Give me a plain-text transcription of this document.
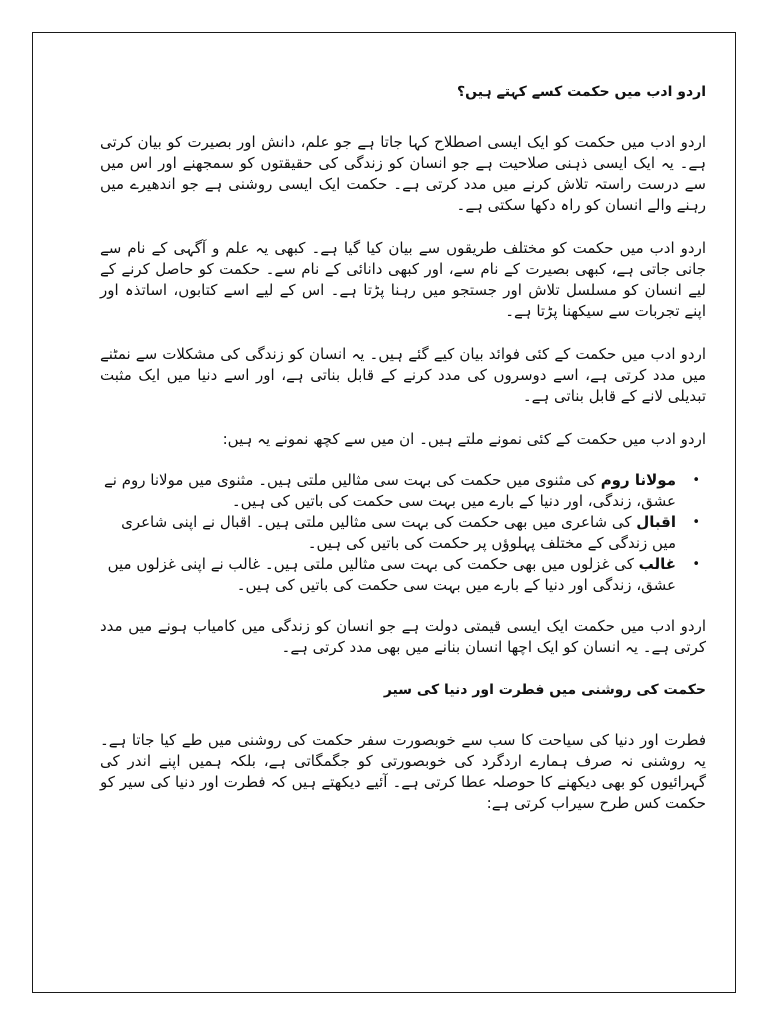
اردو ادب میں حکمت کسے کہتے ہیں؟

اردو ادب میں حکمت کو ایک ایسی اصطلاح کہا جاتا ہے جو علم، دانش اور بصیرت کو بیان کرتی ہے۔ یہ ایک ایسی ذہنی صلاحیت ہے جو انسان کو زندگی کی حقیقتوں کو سمجھنے اور اس میں سے درست راستہ تلاش کرنے میں مدد کرتی ہے۔ حکمت ایک ایسی روشنی ہے جو اندھیرے میں رہنے والے انسان کو راہ دکھا سکتی ہے۔

اردو ادب میں حکمت کو مختلف طریقوں سے بیان کیا گیا ہے۔ کبھی یہ علم و آگہی کے نام سے جانی جاتی ہے، کبھی بصیرت کے نام سے، اور کبھی دانائی کے نام سے۔ حکمت کو حاصل کرنے کے لیے انسان کو مسلسل تلاش اور جستجو میں رہنا پڑتا ہے۔ اس کے لیے اسے کتابوں، اساتذہ اور اپنے تجربات سے سیکھنا پڑتا ہے۔

اردو ادب میں حکمت کے کئی فوائد بیان کیے گئے ہیں۔ یہ انسان کو زندگی کی مشکلات سے نمٹنے میں مدد کرتی ہے، اسے دوسروں کی مدد کرنے کے قابل بناتی ہے، اور اسے دنیا میں ایک مثبت تبدیلی لانے کے قابل بناتی ہے۔

اردو ادب میں حکمت کے کئی نمونے ملتے ہیں۔ ان میں سے کچھ نمونے یہ ہیں:

•
مولانا روم کی مثنوی میں حکمت کی بہت سی مثالیں ملتی ہیں۔ مثنوی میں مولانا روم نے عشق، زندگی، اور دنیا کے بارے میں بہت سی حکمت کی باتیں کی ہیں۔
•
اقبال کی شاعری میں بھی حکمت کی بہت سی مثالیں ملتی ہیں۔ اقبال نے اپنی شاعری میں زندگی کے مختلف پہلوؤں پر حکمت کی باتیں کی ہیں۔
•
غالب کی غزلوں میں بھی حکمت کی بہت سی مثالیں ملتی ہیں۔ غالب نے اپنی غزلوں میں عشق، زندگی اور دنیا کے بارے میں بہت سی حکمت کی باتیں کی ہیں۔

اردو ادب میں حکمت ایک ایسی قیمتی دولت ہے جو انسان کو زندگی میں کامیاب ہونے میں مدد کرتی ہے۔ یہ انسان کو ایک اچھا انسان بنانے میں بھی مدد کرتی ہے۔

حکمت کی روشنی میں فطرت اور دنیا کی سیر

فطرت اور دنیا کی سیاحت کا سب سے خوبصورت سفر حکمت کی روشنی میں طے کیا جاتا ہے۔ یہ روشنی نہ صرف ہمارے اردگرد کی خوبصورتی کو جگمگاتی ہے، بلکہ ہمیں اپنے اندر کی گہرائیوں کو بھی دیکھنے کا حوصلہ عطا کرتی ہے۔ آئیے دیکھتے ہیں کہ فطرت اور دنیا کی سیر کو حکمت کس طرح سیراب کرتی ہے:
